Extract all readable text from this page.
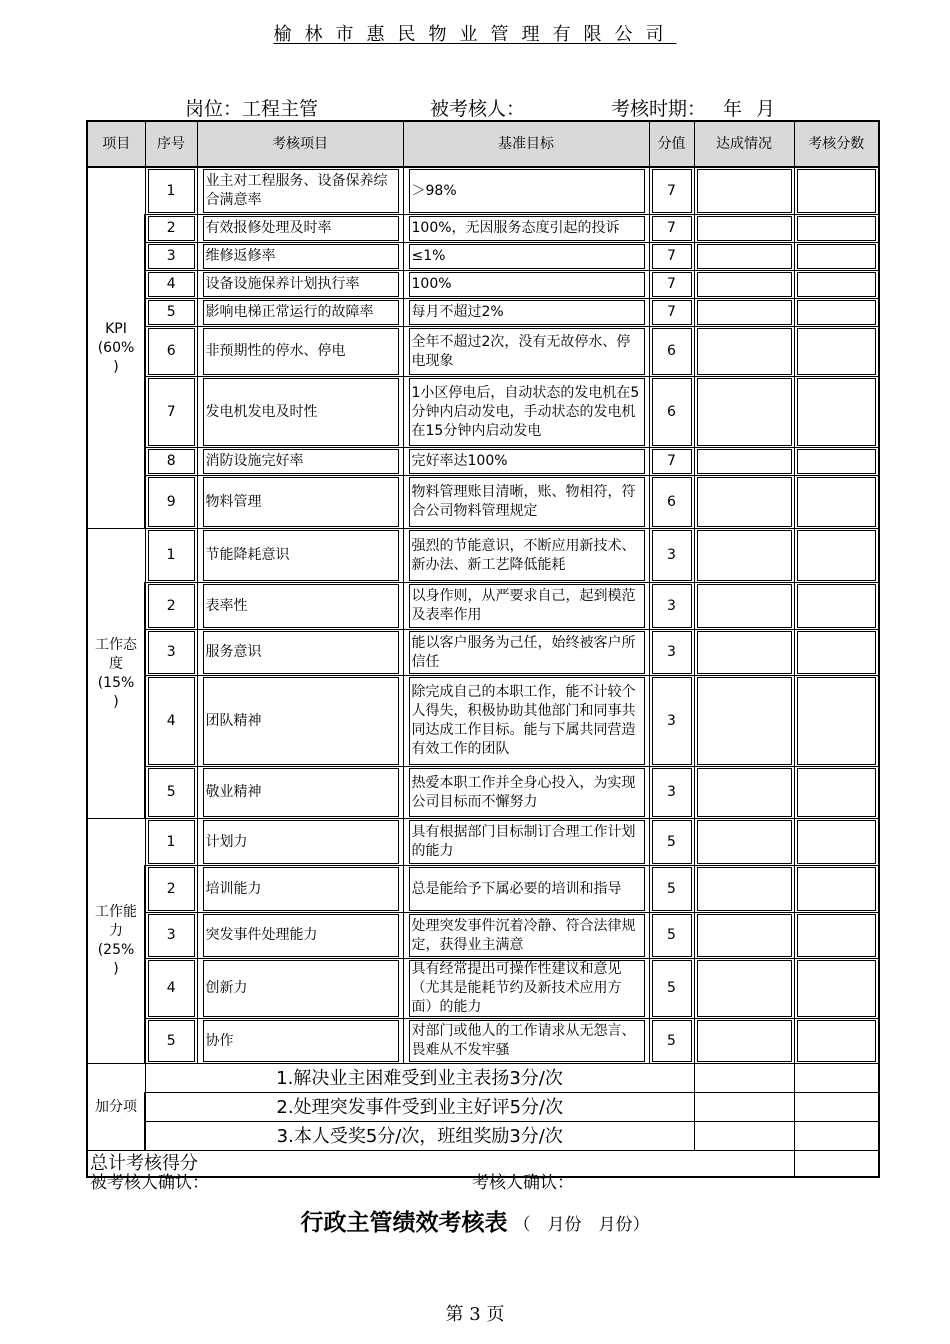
榆林市惠民物业管理有限公司
岗位：工程主管	被考核人：	考核时期： 年 月
项目	序号	考核项目	基准目标	分值	达成情况	考核分数
KPI
(60%
)	1	业主对工程服务、设备保养综合满意率	＞98%	7		

	2	有效报修处理及时率	100%，无因服务态度引起的投诉	7		

	3	维修返修率	≤1%	7		

	4	设备设施保养计划执行率	100%	7		

	5	影响电梯正常运行的故障率	每月不超过2%	7		

	6	非预期性的停水、停电	全年不超过2次，没有无故停水、停电现象	6		

	7	发电机发电及时性	1小区停电后，自动状态的发电机在5分钟内启动发电，手动状态的发电机在15分钟内启动发电	6		

	8	消防设施完好率	完好率达100%	7		

	9	物料管理	物料管理账目清晰，账、物相符，符合公司物料管理规定	6		

工作态
度
(15%
)	1	节能降耗意识	强烈的节能意识，不断应用新技术、新办法、新工艺降低能耗	3		

	2	表率性	以身作则，从严要求自己，起到模范及表率作用	3		

	3	服务意识	能以客户服务为己任，始终被客户所信任	3		

	4	团队精神	除完成自己的本职工作，能不计较个人得失，积极协助其他部门和同事共同达成工作目标。能与下属共同营造有效工作的团队	3		

	5	敬业精神	热爱本职工作并全身心投入，为实现公司目标而不懈努力	3		

工作能
力
(25%
)	1	计划力	具有根据部门目标制订合理工作计划的能力	5		

	2	培训能力	总是能给予下属必要的培训和指导	5		

	3	突发事件处理能力	处理突发事件沉着冷静、符合法律规定，获得业主满意	5		

	4	创新力	具有经常提出可操作性建议和意见（尤其是能耗节约及新技术应用方面）的能力	5		

	5	协作	对部门或他人的工作请求从无怨言、畏难从不发牢骚	5		

加分项	1.解决业主困难受到业主表扬3分/次					
	2.处理突发事件受到业主好评5分/次					
	3.本人受奖5分/次，班组奖励3分/次					
总计考核得分						
被考核人确认：	考核人确认：
行政主管绩效考核表 （　月份　月份）
第 3 页
